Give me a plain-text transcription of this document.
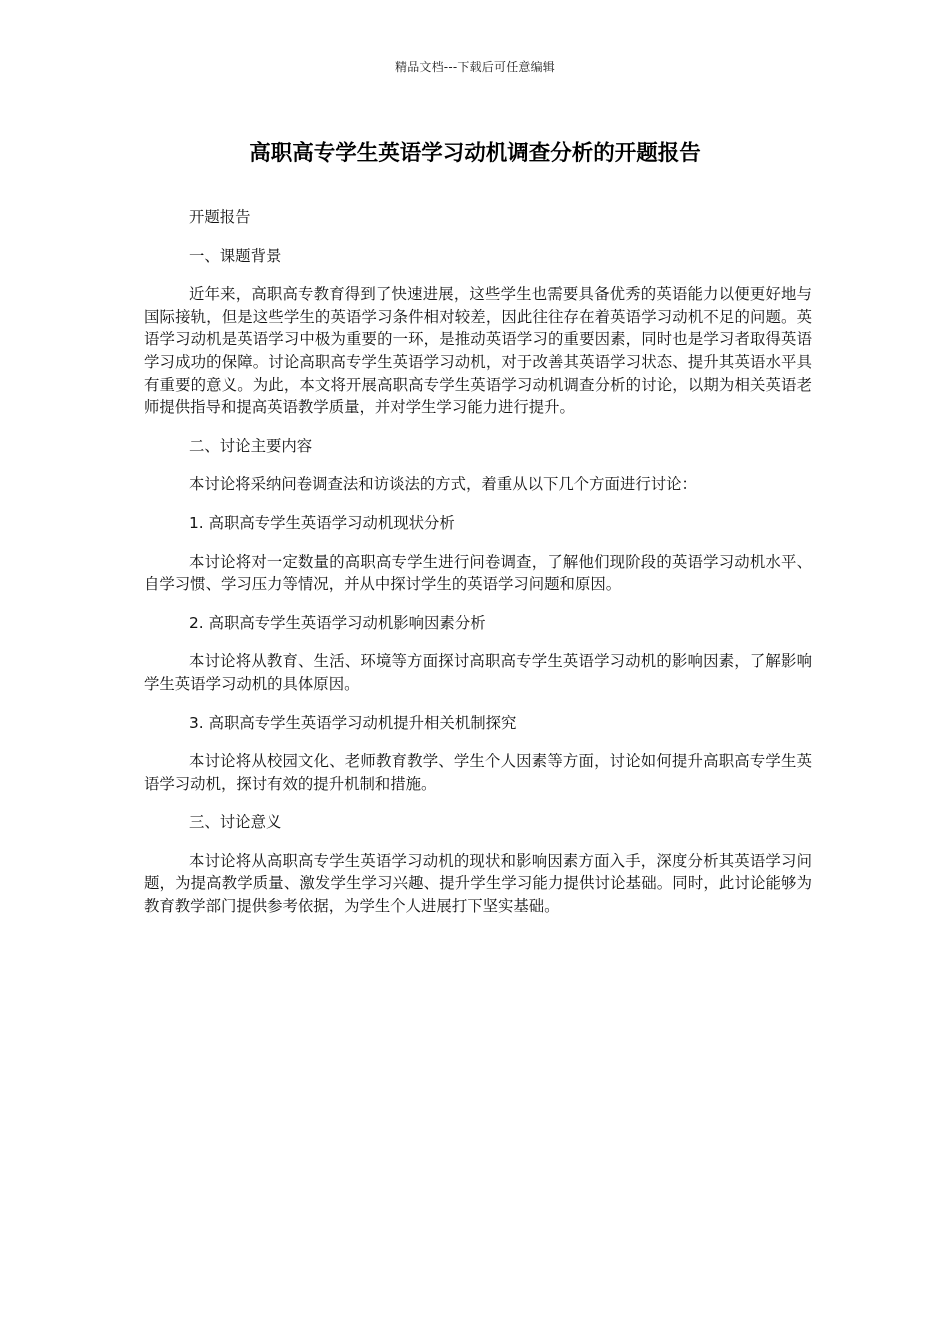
精品文档---下载后可任意编辑
高职高专学生英语学习动机调查分析的开题报告

开题报告

一、课题背景

近年来，高职高专教育得到了快速进展，这些学生也需要具备优秀的英语能力以便更好地与国际接轨，但是这些学生的英语学习条件相对较差，因此往往存在着英语学习动机不足的问题。英语学习动机是英语学习中极为重要的一环，是推动英语学习的重要因素，同时也是学习者取得英语学习成功的保障。讨论高职高专学生英语学习动机，对于改善其英语学习状态、提升其英语水平具有重要的意义。为此，本文将开展高职高专学生英语学习动机调查分析的讨论，以期为相关英语老师提供指导和提高英语教学质量，并对学生学习能力进行提升。

二、讨论主要内容

本讨论将采纳问卷调查法和访谈法的方式，着重从以下几个方面进行讨论：

1. 高职高专学生英语学习动机现状分析

本讨论将对一定数量的高职高专学生进行问卷调查，了解他们现阶段的英语学习动机水平、自学习惯、学习压力等情况，并从中探讨学生的英语学习问题和原因。

2. 高职高专学生英语学习动机影响因素分析

本讨论将从教育、生活、环境等方面探讨高职高专学生英语学习动机的影响因素，了解影响学生英语学习动机的具体原因。

3. 高职高专学生英语学习动机提升相关机制探究

本讨论将从校园文化、老师教育教学、学生个人因素等方面，讨论如何提升高职高专学生英语学习动机，探讨有效的提升机制和措施。

三、讨论意义

本讨论将从高职高专学生英语学习动机的现状和影响因素方面入手，深度分析其英语学习问题，为提高教学质量、激发学生学习兴趣、提升学生学习能力提供讨论基础。同时，此讨论能够为教育教学部门提供参考依据，为学生个人进展打下坚实基础。
